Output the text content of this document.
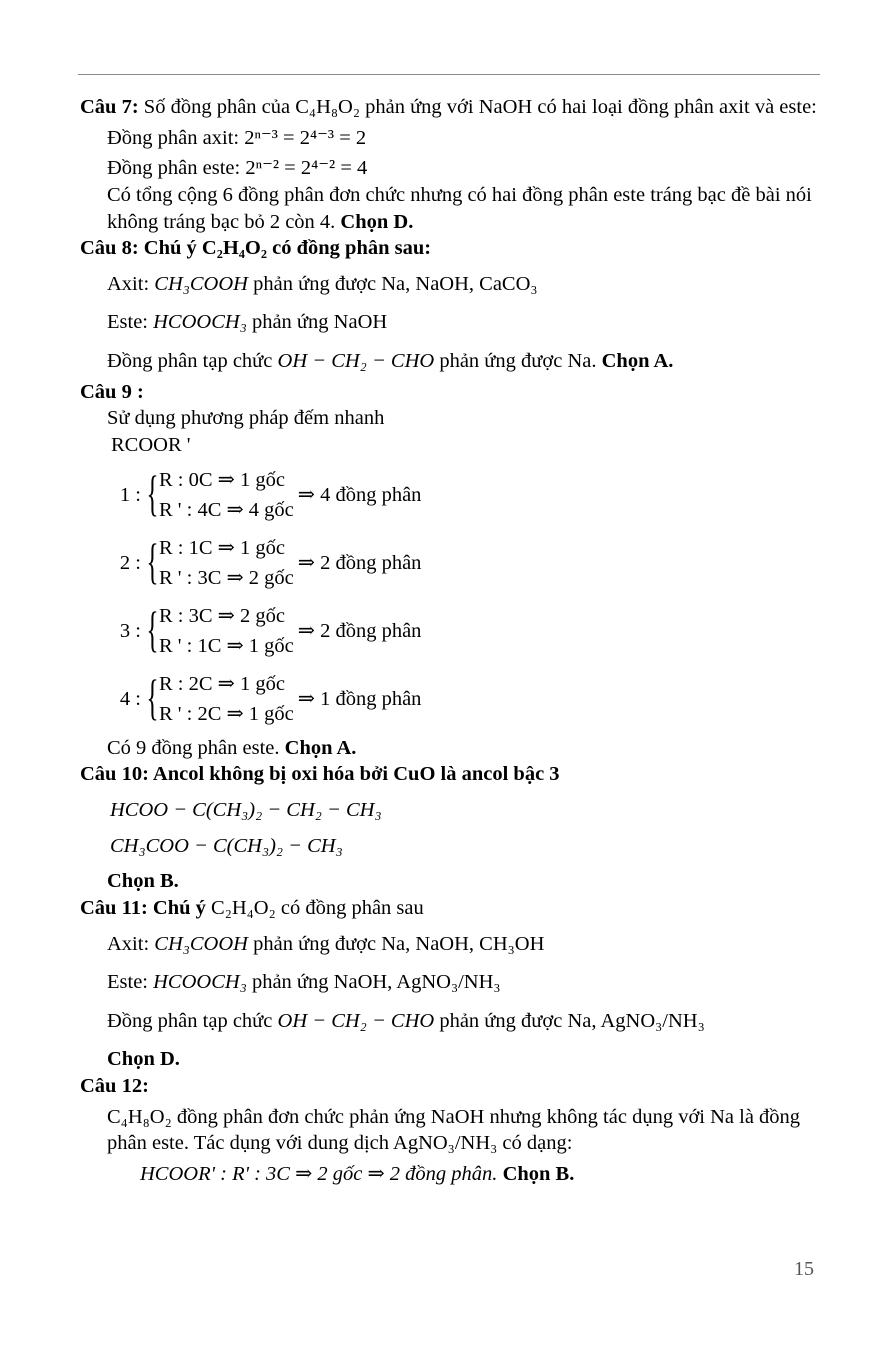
Câu 7: Số đồng phân của C₄H₈O₂ phản ứng với NaOH có hai loại đồng phân axit và este:
Đồng phân axit: 2ⁿ⁻³ = 2⁴⁻³ = 2
Đồng phân este: 2ⁿ⁻² = 2⁴⁻² = 4
Có tổng cộng 6 đồng phân đơn chức nhưng có hai đồng phân este tráng bạc đề bài nói không tráng bạc bỏ 2 còn 4. Chọn D.
Câu 8: Chú ý C₂H₄O₂ có đồng phân sau:
Axit: CH₃COOH phản ứng được Na, NaOH, CaCO₃
Este: HCOOCH₃ phản ứng NaOH
Đồng phân tạp chức OH − CH₂ − CHO phản ứng được Na. Chọn A.
Câu 9 :
Sử dụng phương pháp đếm nhanh
RCOOR '
1 : { R : 0C ⇒ 1 gốc
R ' : 4C ⇒ 4 gốc
⇒ 4 đồng phân
2 : { R : 1C ⇒ 1 gốc
R ' : 3C ⇒ 2 gốc
⇒ 2 đồng phân
3 : { R : 3C ⇒ 2 gốc
R ' : 1C ⇒ 1 gốc
⇒ 2 đồng phân
4 : { R : 2C ⇒ 1 gốc
R ' : 2C ⇒ 1 gốc
⇒ 1 đồng phân
Có 9 đồng phân este. Chọn A.
Câu 10: Ancol không bị oxi hóa bởi CuO là ancol bậc 3
HCOO − C(CH₃)₂ − CH₂ − CH₃
CH₃COO − C(CH₃)₂ − CH₃
Chọn B.
Câu 11: Chú ý C₂H₄O₂ có đồng phân sau
Axit: CH₃COOH phản ứng được Na, NaOH, CH₃OH
Este: HCOOCH₃ phản ứng NaOH, AgNO₃/NH₃
Đồng phân tạp chức OH − CH₂ − CHO phản ứng được Na, AgNO₃/NH₃
Chọn D.
Câu 12:
C₄H₈O₂ đồng phân đơn chức phản ứng NaOH nhưng không tác dụng với Na là đồng phân este. Tác dụng với dung dịch AgNO₃/NH₃ có dạng:
HCOOR' : R' : 3C ⇒ 2 gốc ⇒ 2 đồng phân. Chọn B.
15
